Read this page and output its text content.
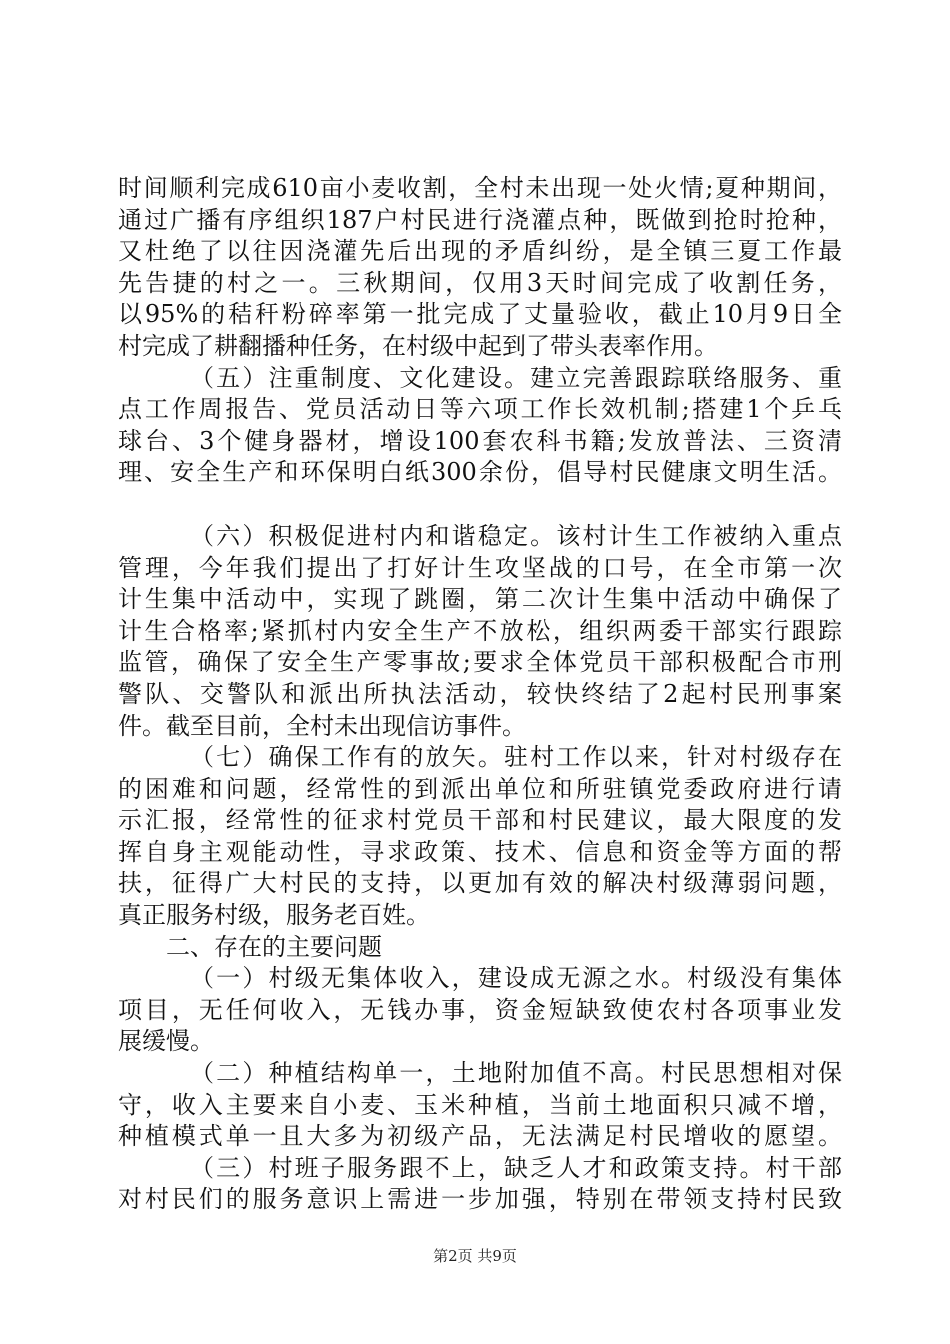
时间顺利完成610亩小麦收割，全村未出现一处火情;夏种期间，
通过广播有序组织187户村民进行浇灌点种，既做到抢时抢种，
又杜绝了以往因浇灌先后出现的矛盾纠纷，是全镇三夏工作最
先告捷的村之一。三秋期间，仅用3天时间完成了收割任务，
以95%的秸秆粉碎率第一批完成了丈量验收，截止10月9日全
村完成了耕翻播种任务，在村级中起到了带头表率作用。
（五）注重制度、文化建设。建立完善跟踪联络服务、重
点工作周报告、党员活动日等六项工作长效机制;搭建1个乒乓
球台、3个健身器材，增设100套农科书籍;发放普法、三资清
理、安全生产和环保明白纸300余份，倡导村民健康文明生活。
（六）积极促进村内和谐稳定。该村计生工作被纳入重点
管理，今年我们提出了打好计生攻坚战的口号，在全市第一次
计生集中活动中，实现了跳圈，第二次计生集中活动中确保了
计生合格率;紧抓村内安全生产不放松，组织两委干部实行跟踪
监管，确保了安全生产零事故;要求全体党员干部积极配合市刑
警队、交警队和派出所执法活动，较快终结了2起村民刑事案
件。截至目前，全村未出现信访事件。
（七）确保工作有的放矢。驻村工作以来，针对村级存在
的困难和问题，经常性的到派出单位和所驻镇党委政府进行请
示汇报，经常性的征求村党员干部和村民建议，最大限度的发
挥自身主观能动性，寻求政策、技术、信息和资金等方面的帮
扶，征得广大村民的支持，以更加有效的解决村级薄弱问题，
真正服务村级，服务老百姓。
二、存在的主要问题
（一）村级无集体收入，建设成无源之水。村级没有集体
项目，无任何收入，无钱办事，资金短缺致使农村各项事业发
展缓慢。
（二）种植结构单一，土地附加值不高。村民思想相对保
守，收入主要来自小麦、玉米种植，当前土地面积只减不增，
种植模式单一且大多为初级产品，无法满足村民增收的愿望。
（三）村班子服务跟不上，缺乏人才和政策支持。村干部
对村民们的服务意识上需进一步加强，特别在带领支持村民致
第2页 共9页
